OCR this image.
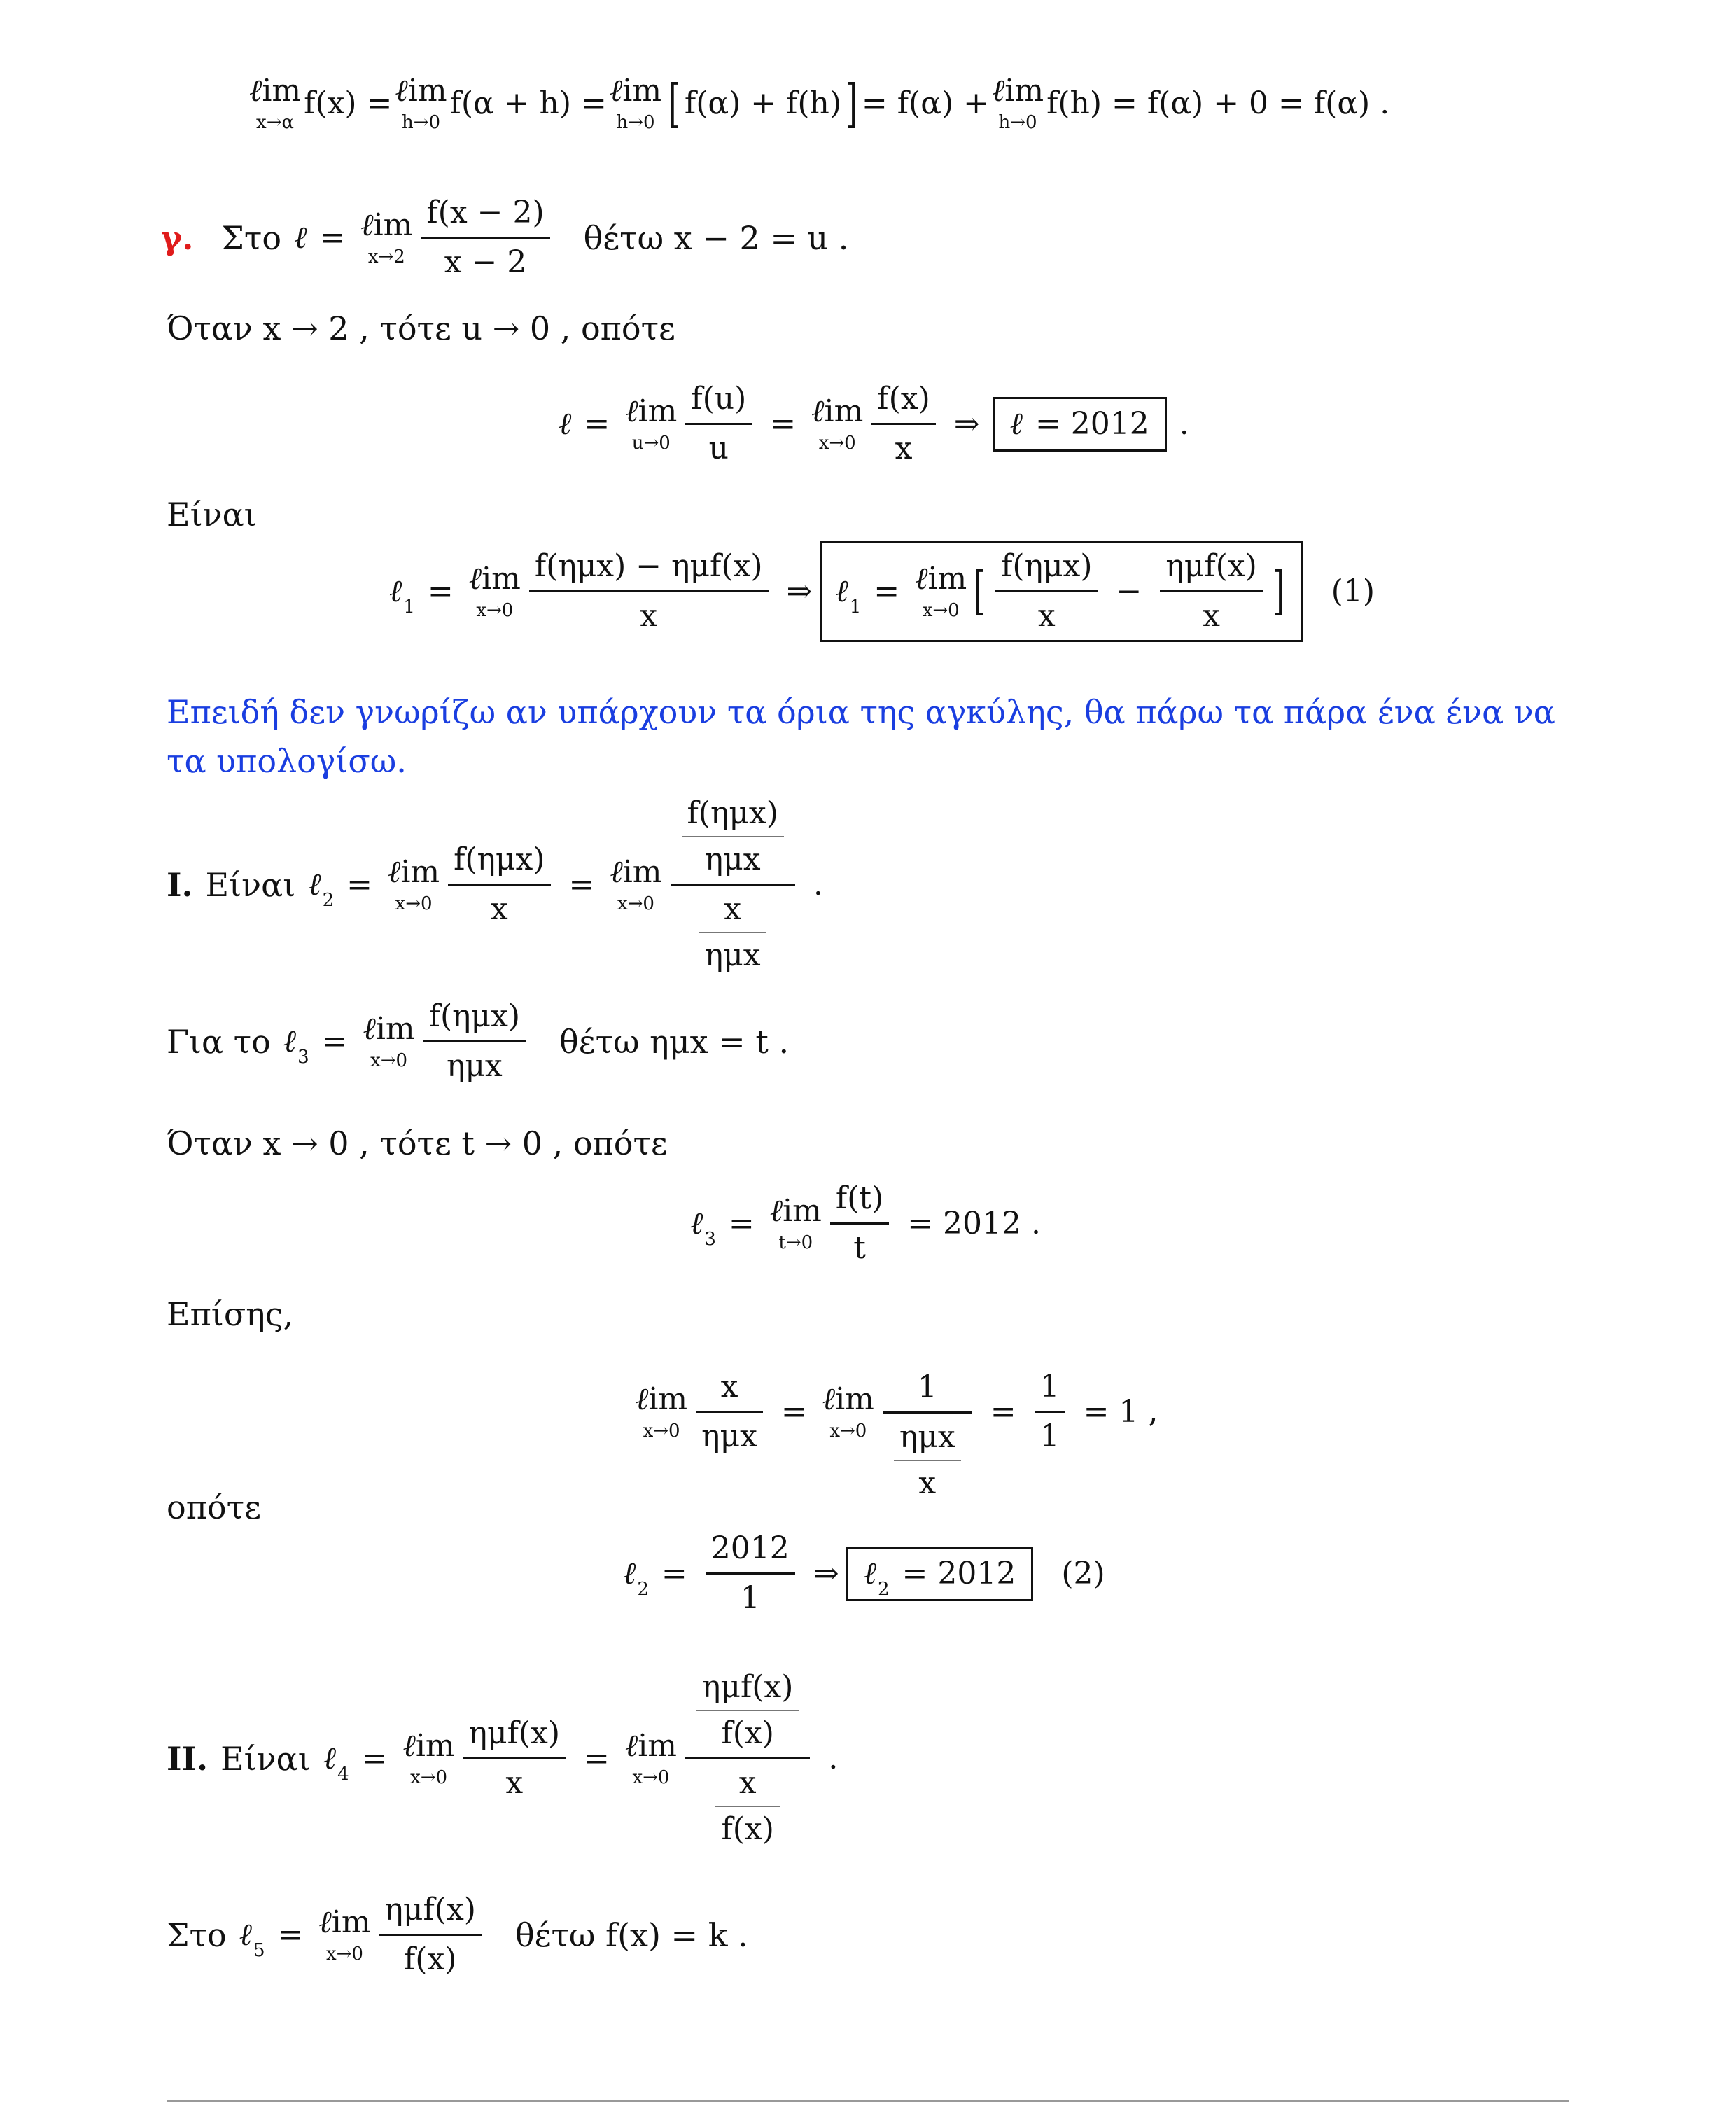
ℓim
x→α
f(x) = ℓim
h→0
f(α + h) = ℓim
h→0 [ f(α) + f(h) ] = f(α) + ℓim
h→0
f(h) = f(α) + 0 = f(α) .
γ. Στο ℓ = ℓim
$x\to 2 \frac{f(x - 2)}{x - 2}$ θέτω x − 2 = u .
Όταν x → 2 , τότε u → 0 , οπότε
ℓ = ℓim
$u\to 0 \frac{f(u)}{u}$ = ℓim
$x\to 0 \frac{f(x)}{x}$ ⇒ ℓ = 2012 .
Είναι
ℓ 1 = ℓim
$x\to 0 \frac{\text{f(ημx) − ημf(x)}}{x}$ ⇒ ℓ 1 = ℓim
x→0 [ $\frac{\text{f(ημx)}}{x} - \frac{\text{ημf(x)}}{x}$ ] (1)
Επειδή δεν γνωρίζω αν υπάρχουν τα όρια της αγκύλης, θα πάρω τα πάρα ένα ένα να
τα υπολογίσω.
I. Είναι ℓ 2 = ℓim
$x\to 0 \frac{\text{f(ημx)}}{x}$ = ℓim
$x\to 0 \frac{\frac{\text{f(ημx)}}{\text{ημx}}}{\frac{x}{\text{ημx}}}$ .
Για το ℓ 3 = ℓim
$x\to 0 \frac{\text{f(ημx)}}{\text{ημx}}$ θέτω ημx = t .
Όταν x → 0 , τότε t → 0 , οπότε
ℓ 3 = ℓim
$t\to 0 \frac{f(t)}{t} = 2012$ .
Επίσης,
ℓim
$x\to 0 \frac{x}{\text{ημx}}$ = ℓim
$x\to 0 \frac{1}{\frac{\text{ημx}}{x}} = \frac{1}{1} = 1$ ,
οπότε
ℓ $2 = \frac{2012}{1}$ ⇒ ℓ 2 = 2012 (2)
II. Είναι ℓ 4 = ℓim
$x\to 0 \frac{\text{ημf(x)}}{x}$ = ℓim
$x\to 0 \frac{\frac{\text{ημf(x)}}{f(x)}}{\frac{x}{f(x)}}$ .
Στο ℓ 5 = ℓim
$x\to 0 \frac{\text{ημf(x)}}{f(x)}$ θέτω f(x) = k .
